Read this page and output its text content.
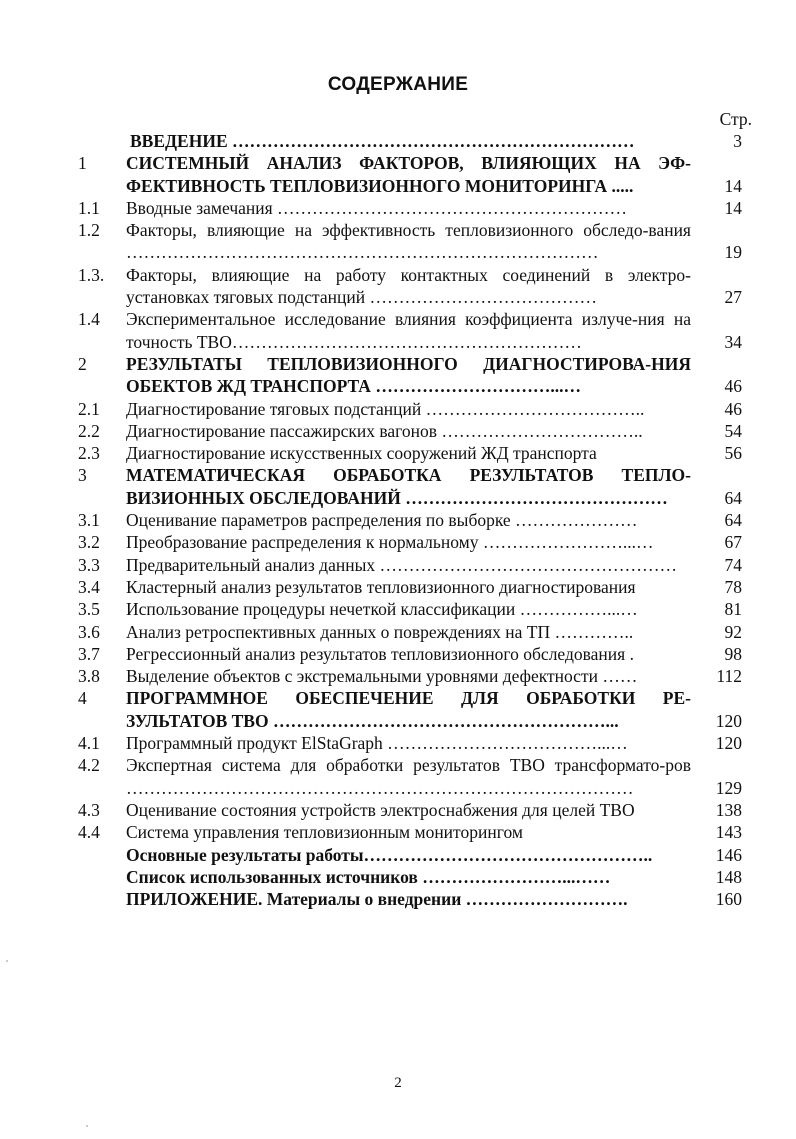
СОДЕРЖАНИЕ
Стр.
ВВЕДЕНИЕ ……………………………………………………………	3
1	СИСТЕМНЫЙ АНАЛИЗ ФАКТОРОВ, ВЛИЯЮЩИХ НА ЭФ-ФЕКТИВНОСТЬ ТЕПЛОВИЗИОННОГО МОНИТОРИНГА .....	14
1.1	Вводные замечания ……………………………………………………	14
1.2	Факторы, влияющие на эффективность тепловизионного обследо-вания ………………………………………………………………………	19
1.3.	Факторы, влияющие на работу контактных соединений в электро-установках тяговых подстанций …………………………………	27
1.4	Экспериментальное исследование влияния коэффициента излуче-ния на точность ТВО……………………………………………………	34
2	РЕЗУЛЬТАТЫ ТЕПЛОВИЗИОННОГО ДИАГНОСТИРОВА-НИЯ ОБЕКТОВ ЖД ТРАНСПОРТА …………………………...…	46
2.1	Диагностирование тяговых подстанций ………………………………..	46
2.2	Диагностирование пассажирских вагонов ……………………………..	54
2.3	Диагностирование искусственных сооружений ЖД транспорта	56
3	МАТЕМАТИЧЕСКАЯ ОБРАБОТКА РЕЗУЛЬТАТОВ ТЕПЛО-ВИЗИОННЫХ ОБСЛЕДОВАНИЙ ………………………………………	64
3.1	Оценивание параметров распределения по выборке …………………	64
3.2	Преобразование распределения к нормальному ……………………...…	67
3.3	Предварительный анализ данных ……………………………………………	74
3.4	Кластерный анализ результатов тепловизионного диагностирования	78
3.5	Использование процедуры нечеткой классификации ……………...…	81
3.6	Анализ ретроспективных данных о повреждениях на ТП …………..	92
3.7	Регрессионный анализ результатов тепловизионного обследования .	98
3.8	Выделение объектов с экстремальными уровнями дефектности ……	112
4	ПРОГРАММНОЕ ОБЕСПЕЧЕНИЕ ДЛЯ ОБРАБОТКИ РЕ-ЗУЛЬТАТОВ ТВО …………………………………………………...	120
4.1	Программный продукт ElStaGraph ………………………………...…	120
4.2	Экспертная система для обработки результатов ТВО трансформато-ров ……………………………………………………………………………	129
4.3	Оценивание состояния устройств электроснабжения для целей ТВО	138
4.4	Система управления тепловизионным мониторингом	143
Основные результаты работы…………………………………………..	146
Список использованных источников ……………………...……	148
ПРИЛОЖЕНИЕ. Материалы о внедрении ……………………….	160
2
